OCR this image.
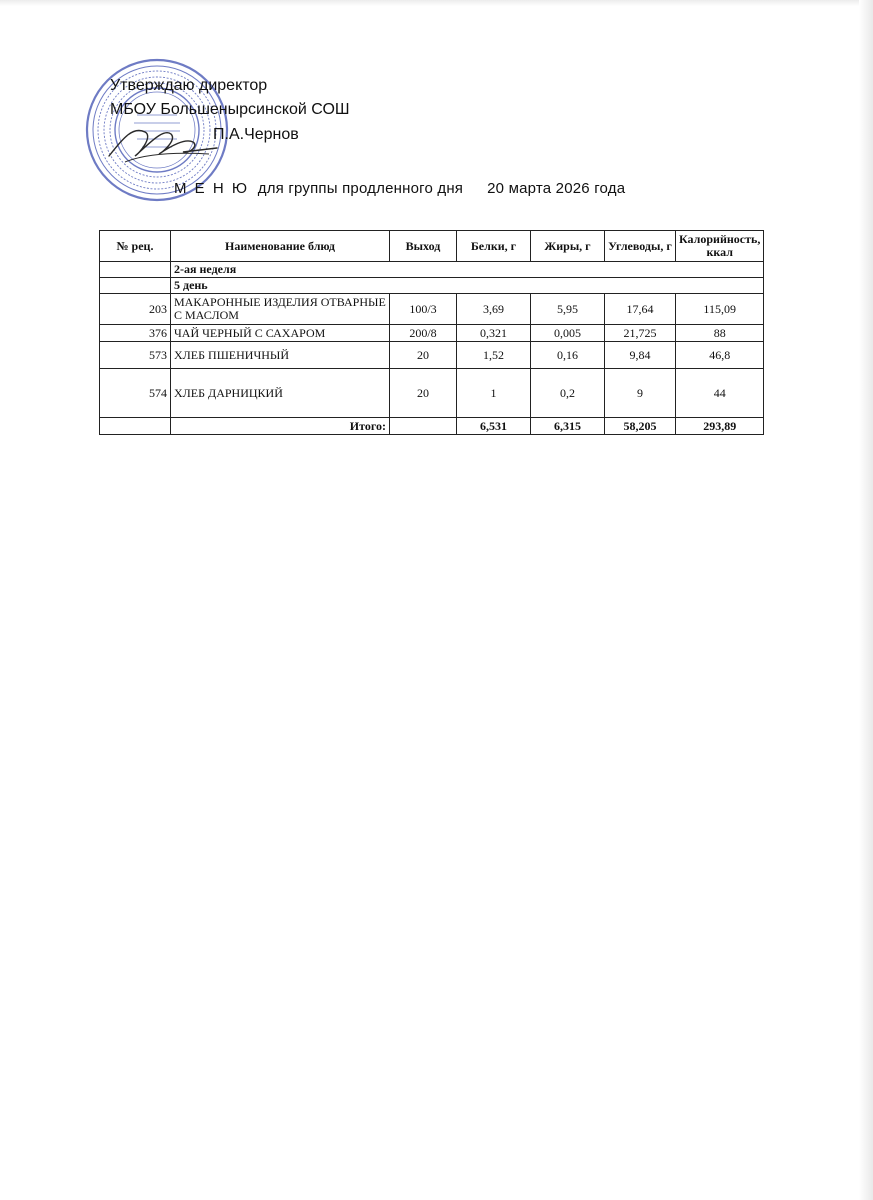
Утверждаю директор
МБОУ Большенырсинской СОШ
П.А.Чернов
М Е Н Ю для группы продленного дня 20 марта 2026 года
№ рец.	Наименование блюд	Выход	Белки, г	Жиры, г	Углеводы, г	Калорийность, ккал
	2-ая неделя					
	5 день					
203	МАКАРОННЫЕ ИЗДЕЛИЯ ОТВАРНЫЕ С МАСЛОМ	100/3	3,69	5,95	17,64	115,09
376	ЧАЙ ЧЕРНЫЙ С САХАРОМ	200/8	0,321	0,005	21,725	88
573	ХЛЕБ ПШЕНИЧНЫЙ	20	1,52	0,16	9,84	46,8
574	ХЛЕБ ДАРНИЦКИЙ	20	1	0,2	9	44
	Итого:		6,531	6,315	58,205	293,89
